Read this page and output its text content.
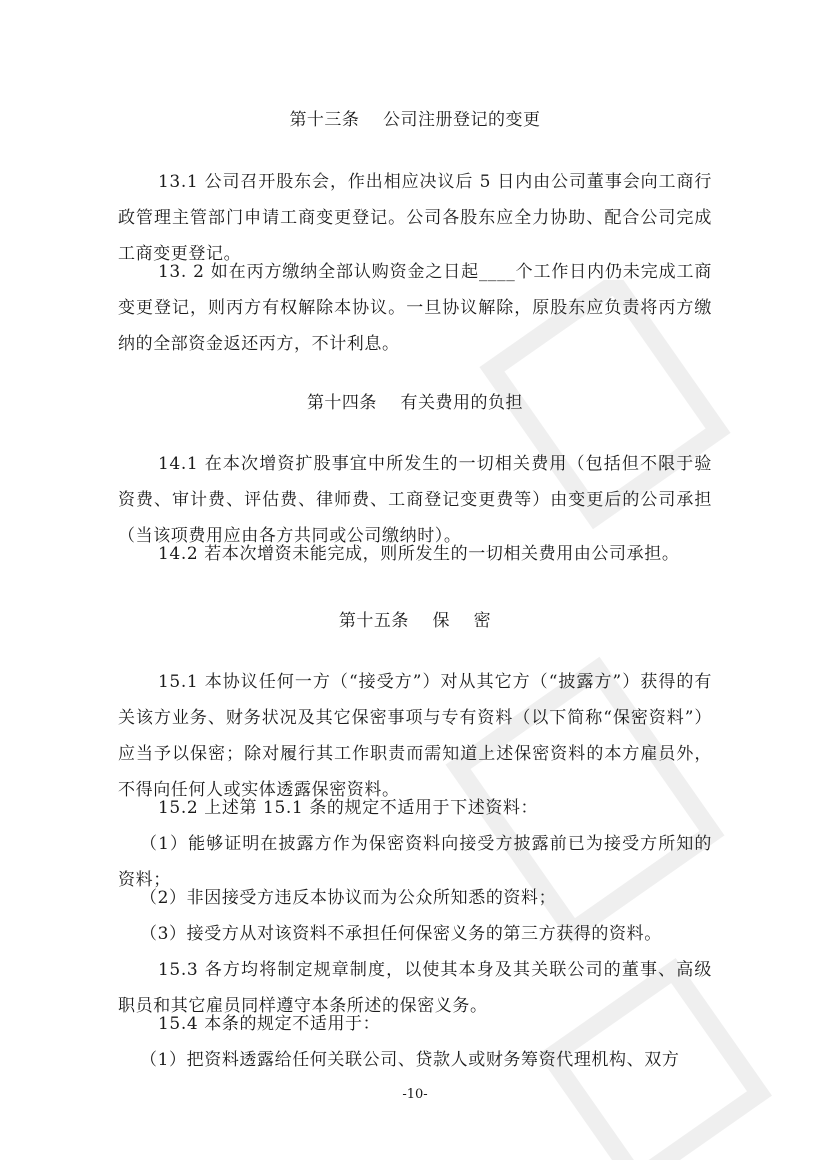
第十三条    公司注册登记的变更
13.1 公司召开股东会，作出相应决议后 5 日内由公司董事会向工商行政管理主管部门申请工商变更登记。公司各股东应全力协助、配合公司完成工商变更登记。
13. 2 如在丙方缴纳全部认购资金之日起____个工作日内仍未完成工商变更登记，则丙方有权解除本协议。一旦协议解除，原股东应负责将丙方缴纳的全部资金返还丙方，不计利息。
第十四条    有关费用的负担
14.1 在本次增资扩股事宜中所发生的一切相关费用（包括但不限于验资费、审计费、评估费、律师费、工商登记变更费等）由变更后的公司承担（当该项费用应由各方共同或公司缴纳时）。
14.2 若本次增资未能完成，则所发生的一切相关费用由公司承担。
第十五条    保    密
15.1 本协议任何一方（“接受方”）对从其它方（“披露方”）获得的有关该方业务、财务状况及其它保密事项与专有资料（以下简称“保密资料”）应当予以保密；除对履行其工作职责而需知道上述保密资料的本方雇员外，不得向任何人或实体透露保密资料。
15.2 上述第 15.1 条的规定不适用于下述资料：
（1）能够证明在披露方作为保密资料向接受方披露前已为接受方所知的资料；
（2）非因接受方违反本协议而为公众所知悉的资料；
（3）接受方从对该资料不承担任何保密义务的第三方获得的资料。
15.3 各方均将制定规章制度，以使其本身及其关联公司的董事、高级职员和其它雇员同样遵守本条所述的保密义务。
15.4 本条的规定不适用于：
（1）把资料透露给任何关联公司、贷款人或财务筹资代理机构、双方
-10-
